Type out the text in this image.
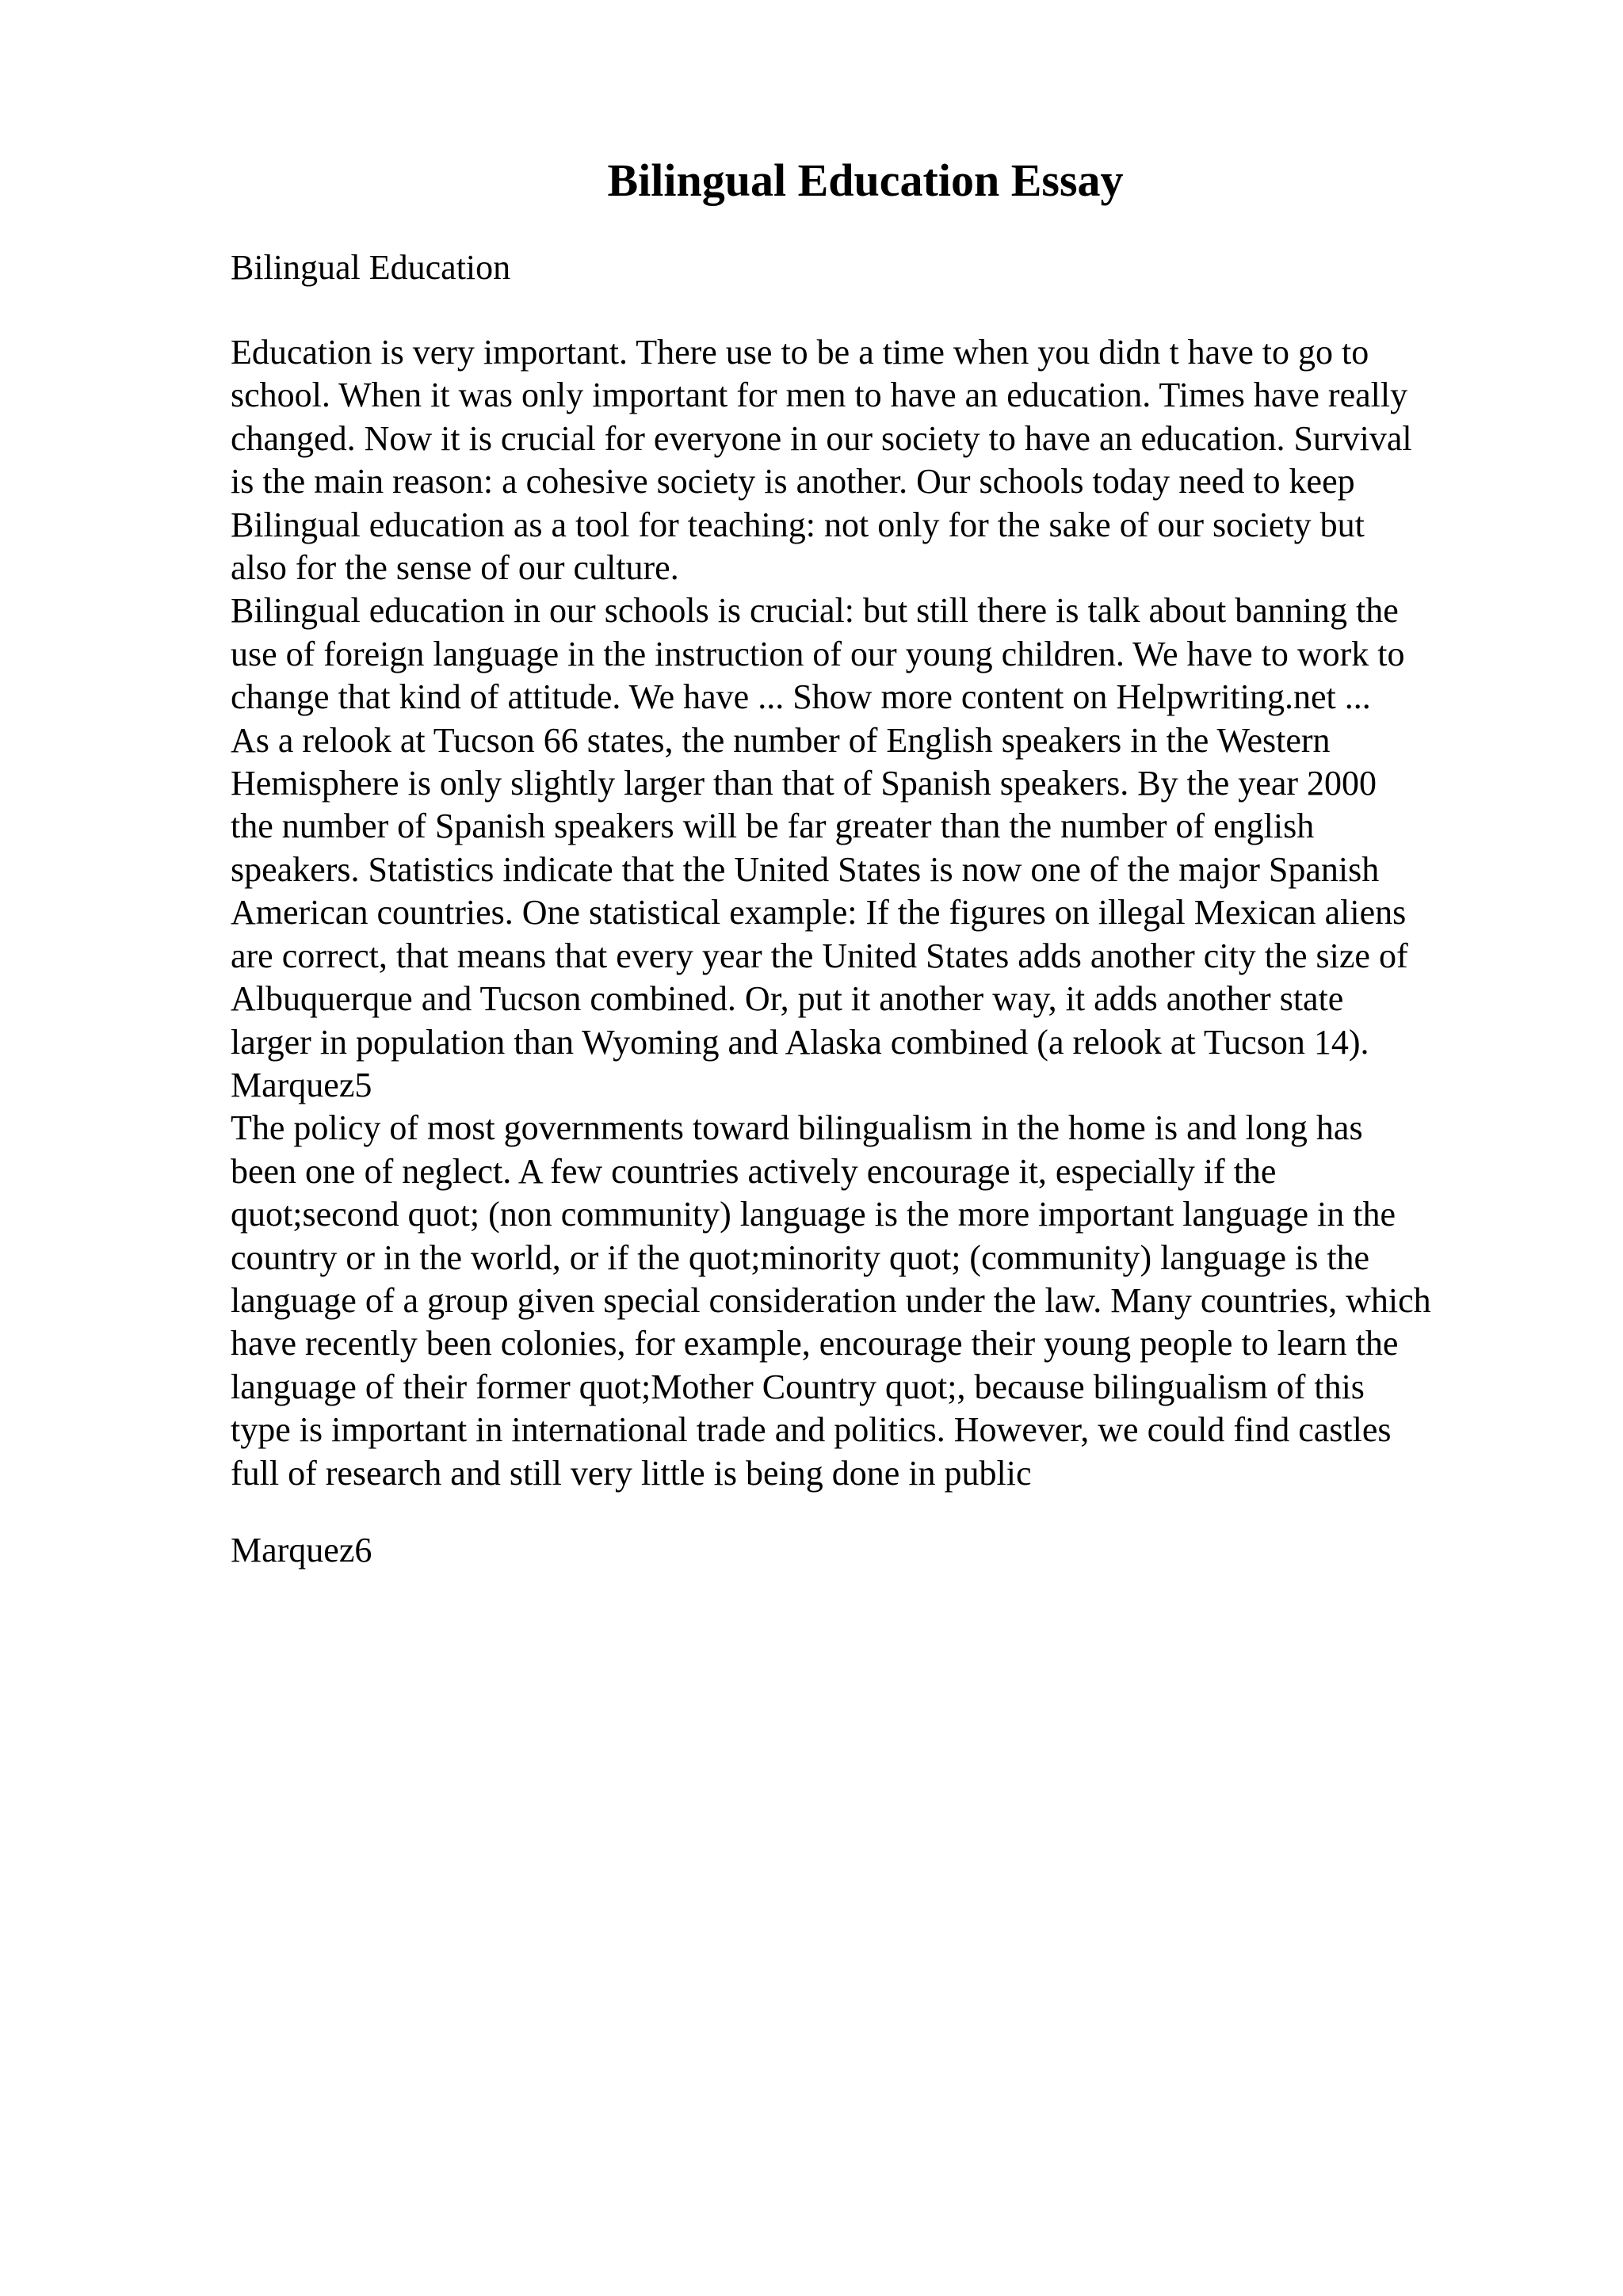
Bilingual Education Essay

Bilingual Education

Education is very important. There use to be a time when you didn t have to go to
school. When it was only important for men to have an education. Times have really
changed. Now it is crucial for everyone in our society to have an education. Survival
is the main reason: a cohesive society is another. Our schools today need to keep
Bilingual education as a tool for teaching: not only for the sake of our society but
also for the sense of our culture.
Bilingual education in our schools is crucial: but still there is talk about banning the
use of foreign language in the instruction of our young children. We have to work to
change that kind of attitude. We have ... Show more content on Helpwriting.net ...
As a relook at Tucson 66 states, the number of English speakers in the Western
Hemisphere is only slightly larger than that of Spanish speakers. By the year 2000
the number of Spanish speakers will be far greater than the number of english
speakers. Statistics indicate that the United States is now one of the major Spanish
American countries. One statistical example: If the figures on illegal Mexican aliens
are correct, that means that every year the United States adds another city the size of
Albuquerque and Tucson combined. Or, put it another way, it adds another state
larger in population than Wyoming and Alaska combined (a relook at Tucson 14).
Marquez5
The policy of most governments toward bilingualism in the home is and long has
been one of neglect. A few countries actively encourage it, especially if the
quot;second quot; (non community) language is the more important language in the
country or in the world, or if the quot;minority quot; (community) language is the
language of a group given special consideration under the law. Many countries, which
have recently been colonies, for example, encourage their young people to learn the
language of their former quot;Mother Country quot;, because bilingualism of this
type is important in international trade and politics. However, we could find castles
full of research and still very little is being done in public

Marquez6
